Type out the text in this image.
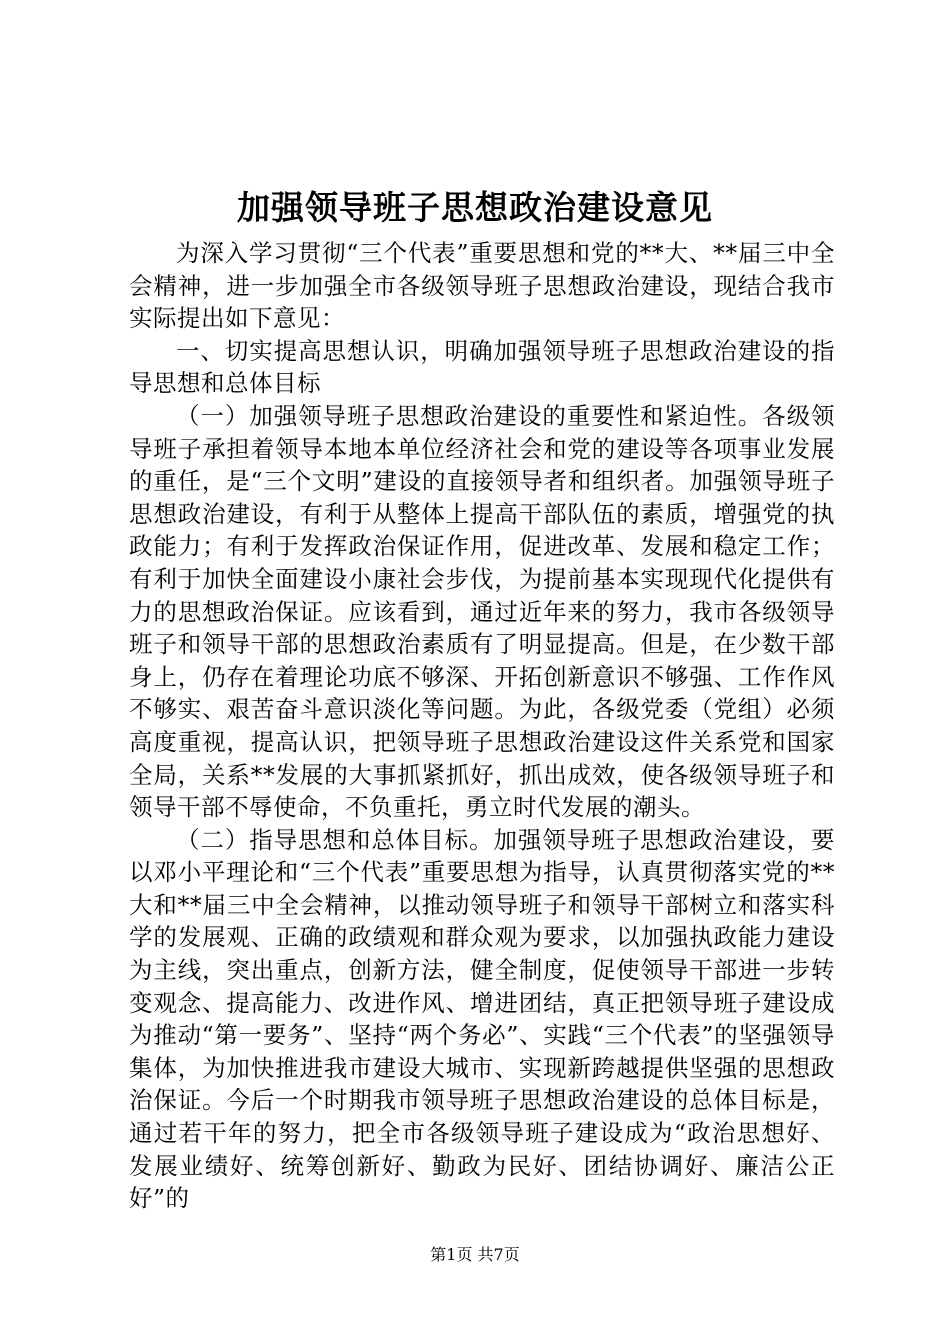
加强领导班子思想政治建设意见

为深入学习贯彻“三个代表”重要思想和党的**大、**届三中全会精神，进一步加强全市各级领导班子思想政治建设，现结合我市实际提出如下意见：

一、切实提高思想认识，明确加强领导班子思想政治建设的指导思想和总体目标

（一）加强领导班子思想政治建设的重要性和紧迫性。各级领导班子承担着领导本地本单位经济社会和党的建设等各项事业发展的重任，是“三个文明”建设的直接领导者和组织者。加强领导班子思想政治建设，有利于从整体上提高干部队伍的素质，增强党的执政能力；有利于发挥政治保证作用，促进改革、发展和稳定工作；有利于加快全面建设小康社会步伐，为提前基本实现现代化提供有力的思想政治保证。应该看到，通过近年来的努力，我市各级领导班子和领导干部的思想政治素质有了明显提高。但是，在少数干部身上，仍存在着理论功底不够深、开拓创新意识不够强、工作作风不够实、艰苦奋斗意识淡化等问题。为此，各级党委（党组）必须高度重视，提高认识，把领导班子思想政治建设这件关系党和国家全局，关系**发展的大事抓紧抓好，抓出成效，使各级领导班子和领导干部不辱使命，不负重托，勇立时代发展的潮头。

（二）指导思想和总体目标。加强领导班子思想政治建设，要以邓小平理论和“三个代表”重要思想为指导，认真贯彻落实党的**大和**届三中全会精神，以推动领导班子和领导干部树立和落实科学的发展观、正确的政绩观和群众观为要求，以加强执政能力建设为主线，突出重点，创新方法，健全制度，促使领导干部进一步转变观念、提高能力、改进作风、增进团结，真正把领导班子建设成为推动“第一要务”、坚持“两个务必”、实践“三个代表”的坚强领导集体，为加快推进我市建设大城市、实现新跨越提供坚强的思想政治保证。今后一个时期我市领导班子思想政治建设的总体目标是，通过若干年的努力，把全市各级领导班子建设成为“政治思想好、发展业绩好、统筹创新好、勤政为民好、团结协调好、廉洁公正好”的

第1页 共7页
